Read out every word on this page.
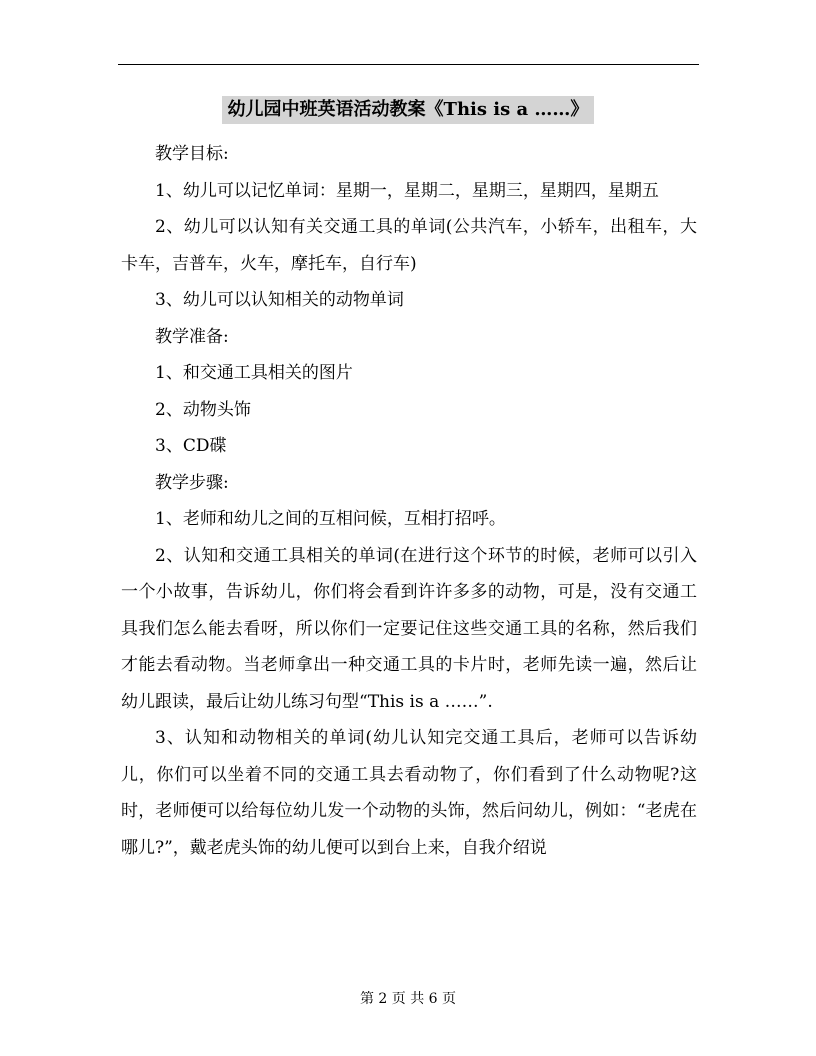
幼儿园中班英语活动教案《This is a ……》

教学目标:

1、幼儿可以记忆单词：星期一，星期二，星期三，星期四，星期五

2、幼儿可以认知有关交通工具的单词(公共汽车，小轿车，出租车，大卡车，吉普车，火车，摩托车，自行车)

3、幼儿可以认知相关的动物单词

教学准备:

1、和交通工具相关的图片

2、动物头饰

3、CD碟

教学步骤:

1、老师和幼儿之间的互相问候，互相打招呼。

2、认知和交通工具相关的单词(在进行这个环节的时候，老师可以引入一个小故事，告诉幼儿，你们将会看到许许多多的动物，可是，没有交通工具我们怎么能去看呀，所以你们一定要记住这些交通工具的名称，然后我们才能去看动物。当老师拿出一种交通工具的卡片时，老师先读一遍，然后让幼儿跟读，最后让幼儿练习句型“This is a ……”.

3、认知和动物相关的单词(幼儿认知完交通工具后，老师可以告诉幼儿，你们可以坐着不同的交通工具去看动物了，你们看到了什么动物呢?这时，老师便可以给每位幼儿发一个动物的头饰，然后问幼儿，例如：“老虎在哪儿?”，戴老虎头饰的幼儿便可以到台上来，自我介绍说

第 2 页 共 6 页
